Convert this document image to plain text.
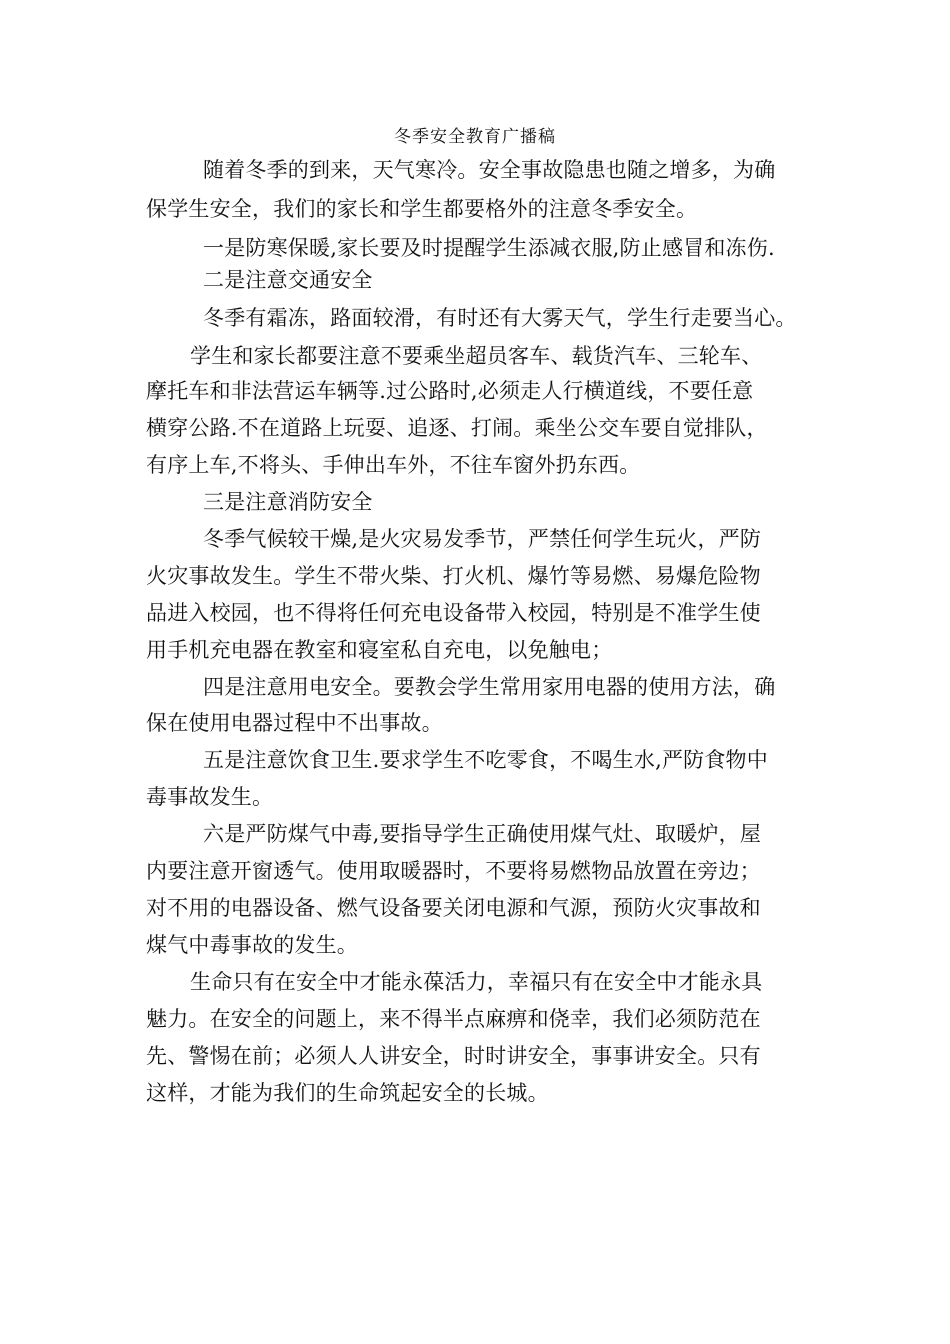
冬季安全教育广播稿
随着冬季的到来，天气寒冷。安全事故隐患也随之增多，为确
保学生安全，我们的家长和学生都要格外的注意冬季安全。
一是防寒保暖,家长要及时提醒学生添减衣服,防止感冒和冻伤.
二是注意交通安全
冬季有霜冻，路面较滑，有时还有大雾天气，学生行走要当心。
学生和家长都要注意不要乘坐超员客车、载货汽车、三轮车、
摩托车和非法营运车辆等.过公路时,必须走人行横道线，不要任意
横穿公路.不在道路上玩耍、追逐、打闹。乘坐公交车要自觉排队，
有序上车,不将头、手伸出车外，不往车窗外扔东西。
三是注意消防安全
冬季气候较干燥,是火灾易发季节，严禁任何学生玩火，严防
火灾事故发生。学生不带火柴、打火机、爆竹等易燃、易爆危险物
品进入校园，也不得将任何充电设备带入校园，特别是不准学生使
用手机充电器在教室和寝室私自充电，以免触电；
四是注意用电安全。要教会学生常用家用电器的使用方法，确
保在使用电器过程中不出事故。
五是注意饮食卫生.要求学生不吃零食，不喝生水,严防食物中
毒事故发生。
六是严防煤气中毒,要指导学生正确使用煤气灶、取暖炉，屋
内要注意开窗透气。使用取暖器时，不要将易燃物品放置在旁边；
对不用的电器设备、燃气设备要关闭电源和气源，预防火灾事故和
煤气中毒事故的发生。
生命只有在安全中才能永葆活力，幸福只有在安全中才能永具
魅力。在安全的问题上，来不得半点麻痹和侥幸，我们必须防范在
先、警惕在前；必须人人讲安全，时时讲安全，事事讲安全。只有
这样，才能为我们的生命筑起安全的长城。
